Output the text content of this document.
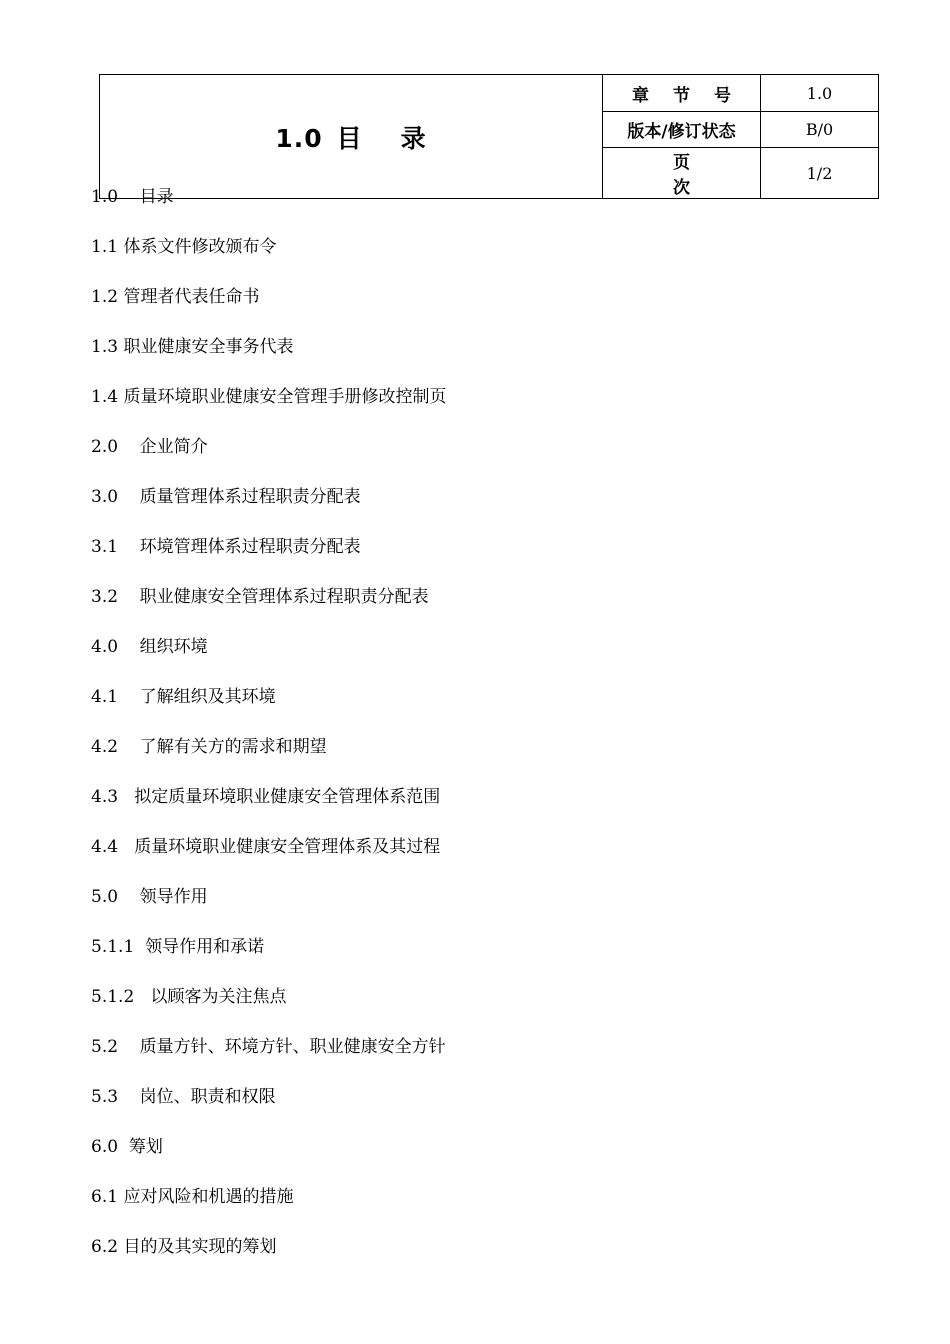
1.0 目 录	章节号	1.0
	版本/修订状态	B/0
	页次	1/2
1.0    目录
1.1 体系文件修改颁布令
1.2 管理者代表任命书
1.3 职业健康安全事务代表
1.4 质量环境职业健康安全管理手册修改控制页
2.0    企业简介
3.0    质量管理体系过程职责分配表
3.1    环境管理体系过程职责分配表
3.2    职业健康安全管理体系过程职责分配表
4.0    组织环境
4.1    了解组织及其环境
4.2    了解有关方的需求和期望
4.3   拟定质量环境职业健康安全管理体系范围
4.4   质量环境职业健康安全管理体系及其过程
5.0    领导作用
5.1.1  领导作用和承诺
5.1.2   以顾客为关注焦点
5.2    质量方针、环境方针、职业健康安全方针
5.3    岗位、职责和权限
6.0  筹划
6.1 应对风险和机遇的措施
6.2 目的及其实现的筹划
